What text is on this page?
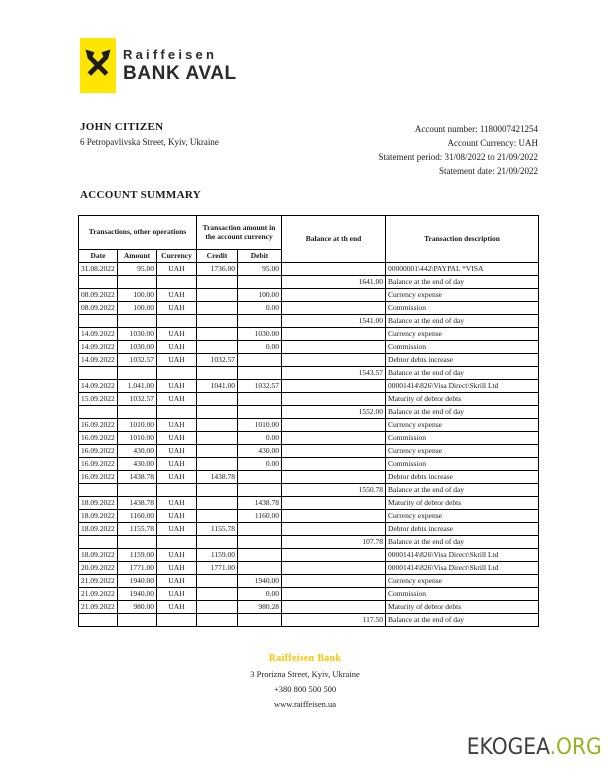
Raiffeisen
BANK AVAL
JOHN CITIZEN
6 Petropavlivska Street, Kyiv, Ukraine
Account number: 1180007421254
Account Currency: UAH
Statement period: 31/08/2022 to 21/09/2022
Statement date: 21/09/2022
ACCOUNT SUMMARY
Transactions, other operations			Transaction amount in the account currency		Balance at th end	Transaction description
Date	Amount	Currency	Credit	Debit		
31.08.2022	95.00	UAH	1736.00	95.00		00000001\442\PAYPAL *VISA
					1641.00	Balance at the end of day
08.09.2022	100.00	UAH		100.00		Currency expense
08.09.2022	100.00	UAH		0.00		Commission
					1541.00	Balance at the end of day
14.09.2022	1030.00	UAH		1030.00		Currency expense
14.09.2022	1030.00	UAH		0.00		Commission
14.09.2022	1032.57	UAH	1032.57			Debtor debts increase
					1543.57	Balance at the end of day
14.09.2022	1.041.00	UAH	1041.00	1032.57		00001414\826\Visa Direct\Skrill Ltd
15.09.2022	1032.57	UAH				Maturity of debtor debts
					1552.00	Balance at the end of day
16.09.2022	1010.00	UAH		1010.00		Currency expense
16.09.2022	1010.00	UAH		0.00		Commission
16.09.2022	430.00	UAH		430.00		Currency expense
16.09.2022	430.00	UAH		0.00		Commission
16.09.2022	1438.78	UAH	1438.78			Debtor debts increase
					1550.78	Balance at the end of day
18.09.2022	1438.78	UAH		1438.78		Maturity of debtor debts
18.09.2022	1160.00	UAH		1160.00		Currency expense
18.09.2022	1155.78	UAH	1155.78			Debtor debts increase
					107.78	Balance at the end of day
18.09.2022	1159.00	UAH	1159.00			00001414\826\Visa Direct\Skrill Ltd
20.09.2022	1771.00	UAH	1771.00			00001414\826\Visa Direct\Skrill Ltd
21.09.2022	1940.00	UAH		1940.00		Currency expense
21.09.2022	1940.00	UAH		0.00		Commission
21.09.2022	980.00	UAH		980.28		Maturity of debtor debts
					117.50	Balance at the end of day
Raiffeisen Bank
3 Prorizna Street, Kyiv, Ukraine
+380 800 500 500
www.raiffeisen.ua
EKOGEA.ORG
